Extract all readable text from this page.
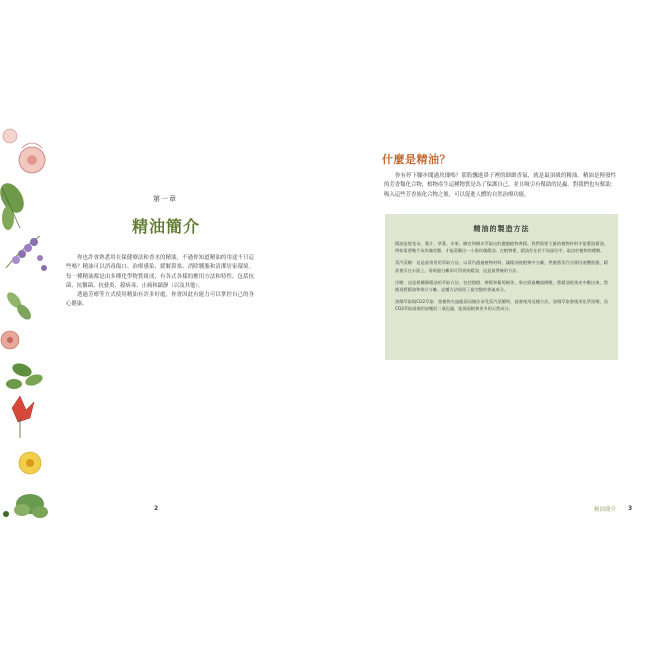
第一章
精油簡介

你也許會熟悉用在保健療法和香水的精油，不過你知道精油的用途不只這些嗎？精油可以消毒傷口、治療感染、緩解鼻塞、消除腫脹和清潔居家環境。每一種精油都是由多種化學物質組成，有各式各樣的應用方法和特性，包括抗菌、抗黴菌、抗發炎、殺病毒、止痛和鎮靜（以及其他）。

透過芳療等方式使用精油有許多好處，你會因此有能力可以掌控自己的身心健康。

2
什麼是精油？

你有停下腳步聞過玫瑰嗎？那股飄進鼻子裡的細緻香氣，就是最頂級的精油。精油是揮發性的芳香類化合物，植物產生這種物質是為了保護自己，並且吸引有幫助的昆蟲。對我們也有幫助：吸入這些芳香族化合物之後，可以促進人體的自然治療功能。

精油的製造方法

精油是從花朵、葉片、草葉、木果、樹皮和樹木萃取出的濃縮植物香精。我們需要大量的植物材料才能製造精油，例如需要幾千朵玫瑰花瓣，才能蒸餾出一小瓶玫瑰精油。在植物裡，精油存在於不同部位中，取決於植物的種類。

蒸汽蒸餾：這是最常用的萃取方法。以蒸汽通過植物材料，讓精油從植物中分離，然後將蒸汽冷卻回液體狀態，精油會浮在水面上，再經過分離即可得到純精油，這是最傳統的方法。

冷壓：這是柑橘類精油的萃取方法，包括甜橙、檸檬和葡萄柚等。果皮經過機器擠壓，將精油從果皮中壓出來，然後再將精油和果汁分離。這種方法保留了最完整的香氣成分。

溶劑萃取與CO2萃取：當植物太過脆弱而無法承受蒸汽蒸餾時，就會使用這種方法。溶劑萃取會使用化學溶劑，而CO2萃取則使用加壓的二氧化碳，能保留植物更多的天然成分。

精油簡介 3
